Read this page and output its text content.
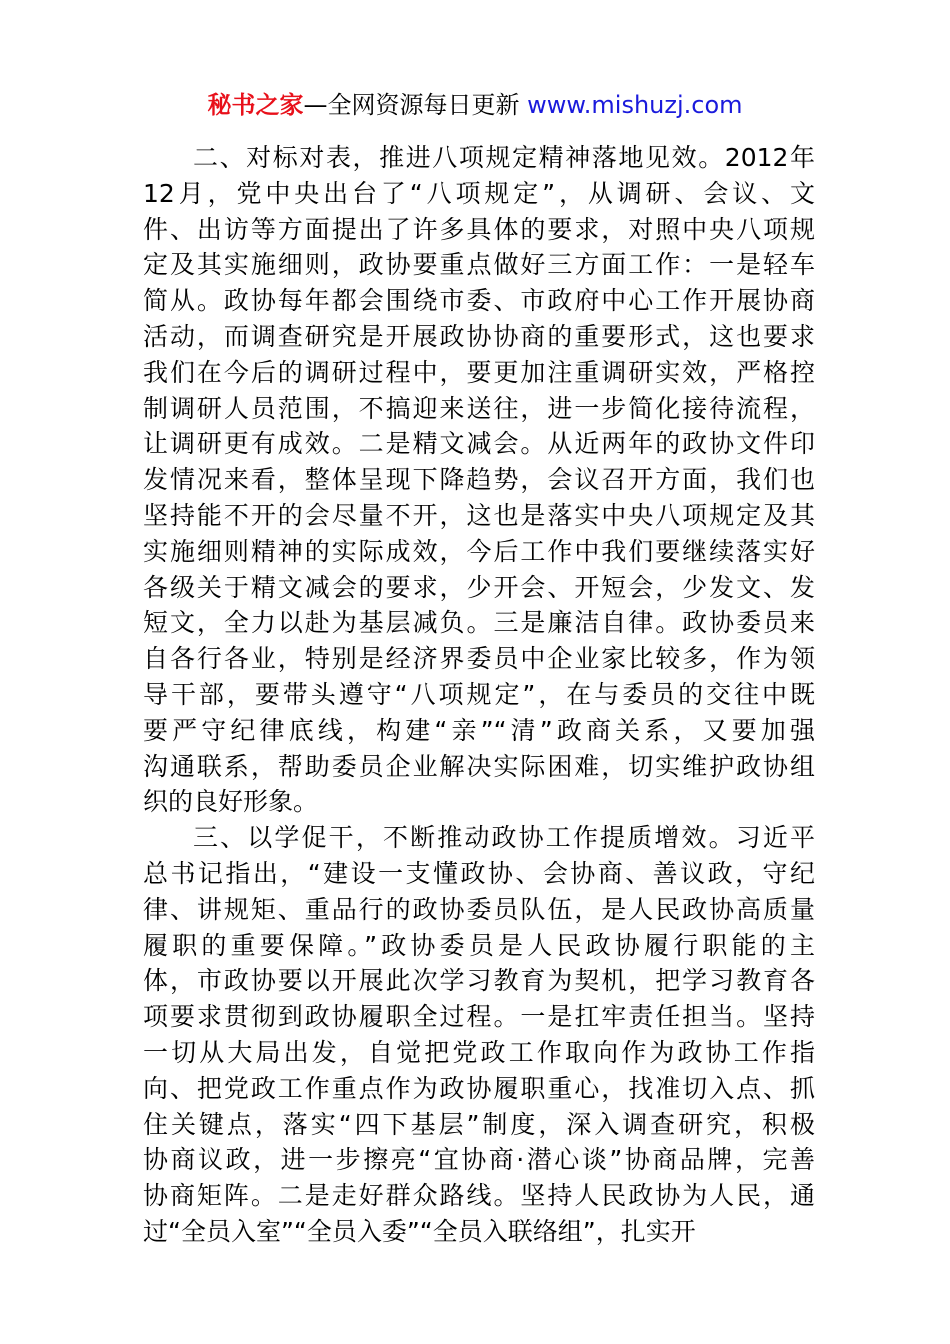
秘书之家—全网资源每日更新 www.mishuzj.com
二、对标对表，推进八项规定精神落地见效。2012年
12月，党中央出台了“八项规定”，从调研、会议、文
件、出访等方面提出了许多具体的要求，对照中央八项规
定及其实施细则，政协要重点做好三方面工作：一是轻车
简从。政协每年都会围绕市委、市政府中心工作开展协商
活动，而调查研究是开展政协协商的重要形式，这也要求
我们在今后的调研过程中，要更加注重调研实效，严格控
制调研人员范围，不搞迎来送往，进一步简化接待流程，
让调研更有成效。二是精文减会。从近两年的政协文件印
发情况来看，整体呈现下降趋势，会议召开方面，我们也
坚持能不开的会尽量不开，这也是落实中央八项规定及其
实施细则精神的实际成效，今后工作中我们要继续落实好
各级关于精文减会的要求，少开会、开短会，少发文、发
短文，全力以赴为基层减负。三是廉洁自律。政协委员来
自各行各业，特别是经济界委员中企业家比较多，作为领
导干部，要带头遵守“八项规定”，在与委员的交往中既
要严守纪律底线，构建“亲”“清”政商关系，又要加强
沟通联系，帮助委员企业解决实际困难，切实维护政协组
织的良好形象。
三、以学促干，不断推动政协工作提质增效。习近平
总书记指出，“建设一支懂政协、会协商、善议政，守纪
律、讲规矩、重品行的政协委员队伍，是人民政协高质量
履职的重要保障。”政协委员是人民政协履行职能的主
体，市政协要以开展此次学习教育为契机，把学习教育各
项要求贯彻到政协履职全过程。一是扛牢责任担当。坚持
一切从大局出发，自觉把党政工作取向作为政协工作指
向、把党政工作重点作为政协履职重心，找准切入点、抓
住关键点，落实“四下基层”制度，深入调查研究，积极
协商议政，进一步擦亮“宜协商·潜心谈”协商品牌，完善
协商矩阵。二是走好群众路线。坚持人民政协为人民，通
过“全员入室”“全员入委”“全员入联络组”，扎实开
